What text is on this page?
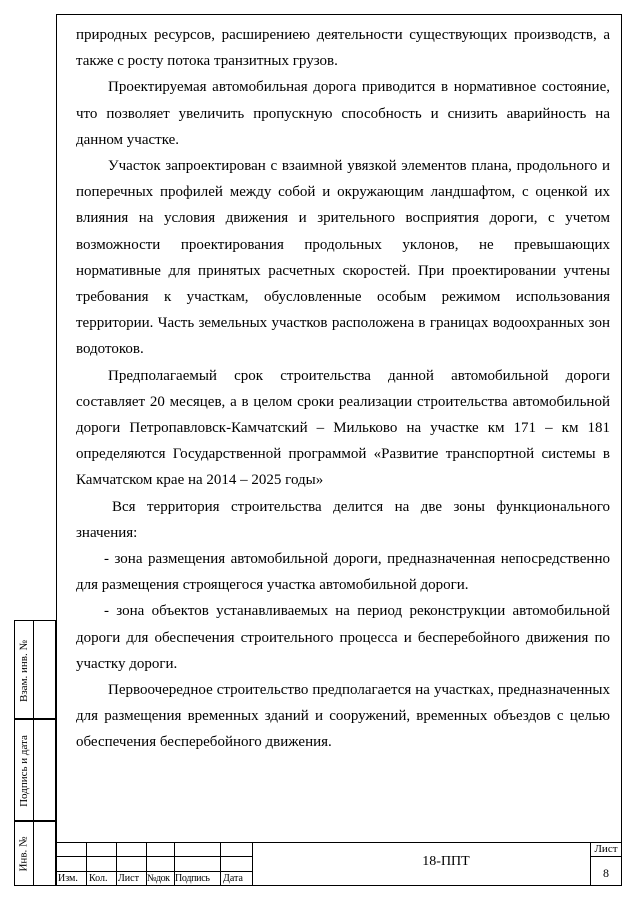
природных ресурсов, расширениею деятельности существующих производств, а также с росту потока транзитных грузов.

Проектируемая автомобильная дорога приводится в нормативное состояние, что позволяет увеличить пропускную способность и снизить аварийность на данном участке.

Участок запроектирован с взаимной увязкой элементов плана, продольного и поперечных профилей между собой и окружающим ландшафтом, с оценкой их влияния на условия движения и зрительного восприятия дороги, с учетом возможности проектирования продольных уклонов, не превышающих нормативные для принятых расчетных скоростей. При проектировании учтены требования к участкам, обусловленные особым режимом использования территории. Часть земельных участков расположена в границах водоохранных зон водотоков.

Предполагаемый срок строительства данной автомобильной дороги составляет 20 месяцев, а в целом сроки реализации строительства автомобильной дороги Петропавловск-Камчатский – Мильково на участке км 171 – км 181 определяются Государственной программой «Развитие транспортной системы в Камчатском крае на 2014 – 2025 годы»

Вся территория строительства делится на две зоны функционального значения:

- зона размещения автомобильной дороги, предназначенная непосредственно для размещения строящегося участка автомобильной дороги.

- зона объектов устанавливаемых на период реконструкции автомобильной дороги для обеспечения строительного процесса и бесперебойного движения по участку дороги.

Первоочередное строительство предполагается на участках, предназначенных для размещения временных зданий и сооружений, временных объездов с целью обеспечения бесперебойного движения.

Взам. инв. №
Подпись и дата
Инв. №
Изм. Кол. Лист №док Подпись Дата
18-ППТ
Лист
8
